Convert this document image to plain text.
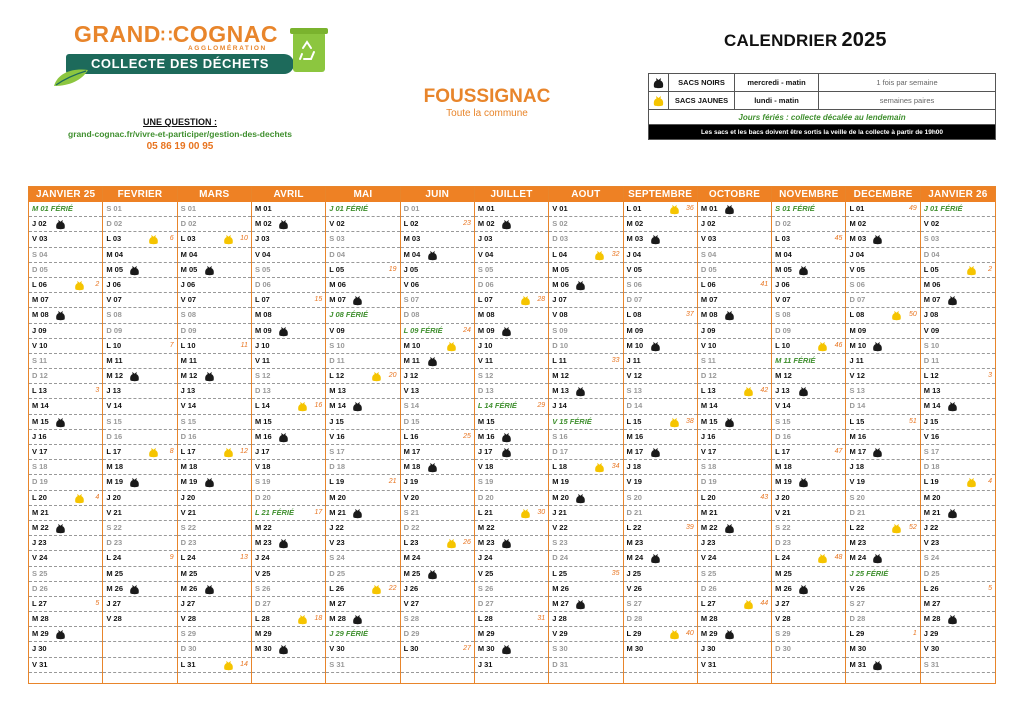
GRAND∷COGNAC
AGGLOMÉRATION
COLLECTE DES DÉCHETS
UNE QUESTION :
grand-cognac.fr/vivre-et-participer/gestion-des-dechets
05 86 19 00 95
FOUSSIGNAC
Toute la commune
CALENDRIER 2025
SACS NOIRS	mercredi - matin	1 fois par semaine
SACS JAUNES	lundi - matin	semaines paires
Jours fériés : collecte décalée au lendemain
Les sacs et les bacs doivent être sortis la veille de la collecte à partir de 19h00
JANVIER 25
M 01 FÉRIÉ
J 02
V 03
S 04
D 05
L 06	2
M 07
M 08
J 09
V 10
S 11
D 12
L 13	3
M 14
M 15
J 16
V 17
S 18
D 19
L 20	4
M 21
M 22
J 23
V 24
S 25
D 26
L 27	5
M 28
M 29
J 30
V 31
FEVRIER
S 01
D 02
L 03	6
M 04
M 05
J 06
V 07
S 08
D 09
L 10	7
M 11
M 12
J 13
V 14
S 15
D 16
L 17	8
M 18
M 19
J 20
V 21
S 22
D 23
L 24	9
M 25
M 26
J 27
V 28
MARS
S 01
D 02
L 03	10
M 04
M 05
J 06
V 07
S 08
D 09
L 10	11
M 11
M 12
J 13
V 14
S 15
D 16
L 17	12
M 18
M 19
J 20
V 21
S 22
D 23
L 24	13
M 25
M 26
J 27
V 28
S 29
D 30
L 31	14
AVRIL
M 01
M 02
J 03
V 04
S 05
D 06
L 07	15
M 08
M 09
J 10
V 11
S 12
D 13
L 14	16
M 15
M 16
J 17
V 18
S 19
D 20
L 21 FÉRIÉ	17
M 22
M 23
J 24
V 25
S 26
D 27
L 28	18
M 29
M 30
MAI
J 01 FÉRIÉ
V 02
S 03
D 04
L 05	19
M 06
M 07
J 08 FÉRIÉ
V 09
S 10
D 11
L 12	20
M 13
M 14
J 15
V 16
S 17
D 18
L 19	21
M 20
M 21
J 22
V 23
S 24
D 25
L 26	22
M 27
M 28
J 29 FÉRIÉ
V 30
S 31
JUIN
D 01
L 02	23
M 03
M 04
J 05
V 06
S 07
D 08
L 09 FÉRIÉ	24
M 10
M 11
J 12
V 13
S 14
D 15
L 16	25
M 17
M 18
J 19
V 20
S 21
D 22
L 23	26
M 24
M 25
J 26
V 27
S 28
D 29
L 30	27
JUILLET
M 01
M 02
J 03
V 04
S 05
D 06
L 07	28
M 08
M 09
J 10
V 11
S 12
D 13
L 14 FÉRIÉ	29
M 15
M 16
J 17
V 18
S 19
D 20
L 21	30
M 22
M 23
J 24
V 25
S 26
D 27
L 28	31
M 29
M 30
J 31
AOUT
V 01
S 02
D 03
L 04	32
M 05
M 06
J 07
V 08
S 09
D 10
L 11	33
M 12
M 13
J 14
V 15 FÉRIÉ
S 16
D 17
L 18	34
M 19
M 20
J 21
V 22
S 23
D 24
L 25	35
M 26
M 27
J 28
V 29
S 30
D 31
SEPTEMBRE
L 01	36
M 02
M 03
J 04
V 05
S 06
D 07
L 08	37
M 09
M 10
J 11
V 12
S 13
D 14
L 15	38
M 16
M 17
J 18
V 19
S 20
D 21
L 22	39
M 23
M 24
J 25
V 26
S 27
D 28
L 29	40
M 30
OCTOBRE
M 01
J 02
V 03
S 04
D 05
L 06	41
M 07
M 08
J 09
V 10
S 11
D 12
L 13	42
M 14
M 15
J 16
V 17
S 18
D 19
L 20	43
M 21
M 22
J 23
V 24
S 25
D 26
L 27	44
M 28
M 29
J 30
V 31
NOVEMBRE
S 01 FÉRIÉ
D 02
L 03	45
M 04
M 05
J 06
V 07
S 08
D 09
L 10	46
M 11 FÉRIÉ
M 12
J 13
V 14
S 15
D 16
L 17	47
M 18
M 19
J 20
V 21
S 22
D 23
L 24	48
M 25
M 26
J 27
V 28
S 29
D 30
DECEMBRE
L 01	49
M 02
M 03
J 04
V 05
S 06
D 07
L 08	50
M 09
M 10
J 11
V 12
S 13
D 14
L 15	51
M 16
M 17
J 18
V 19
S 20
D 21
L 22	52
M 23
M 24
J 25 FÉRIÉ
V 26
S 27
D 28
L 29	1
M 30
M 31
JANVIER 26
J 01 FÉRIÉ
V 02
S 03
D 04
L 05	2
M 06
M 07
J 08
V 09
S 10
D 11
L 12	3
M 13
M 14
J 15
V 16
S 17
D 18
L 19	4
M 20
M 21
J 22
V 23
S 24
D 25
L 26	5
M 27
M 28
J 29
V 30
S 31
